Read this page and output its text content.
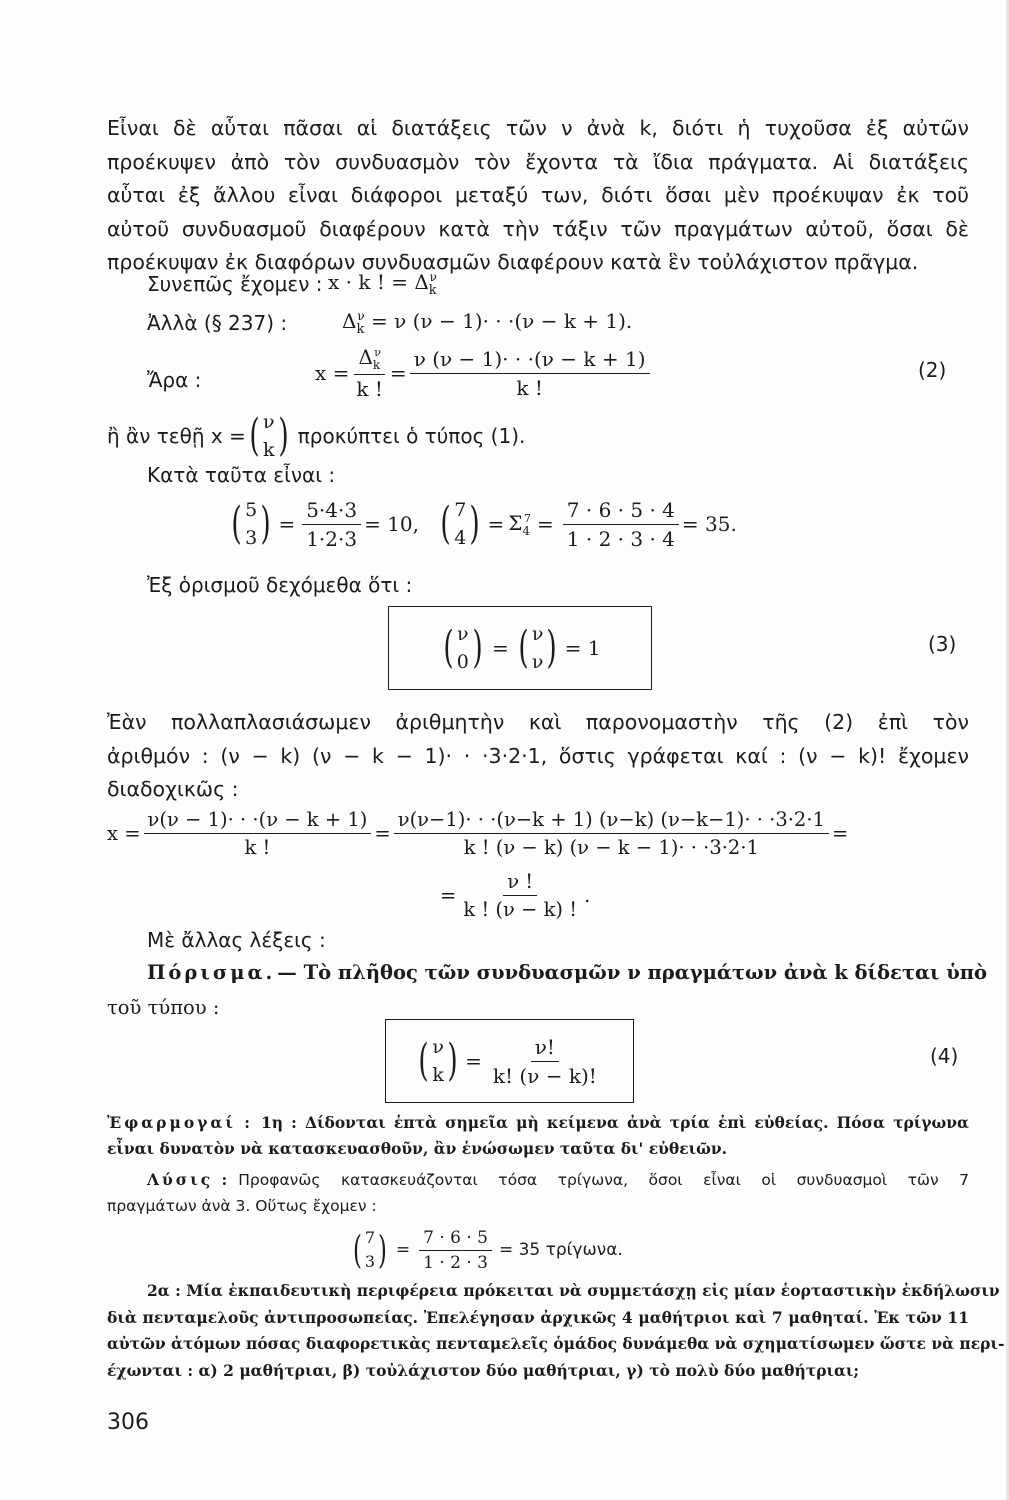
Εἶναι δὲ αὗται πᾶσαι αἱ διατάξεις τῶν ν ἀνὰ k, διότι ἡ τυχοῦσα ἐξ αὐτῶν
προέκυψεν ἀπὸ τὸν συνδυασμὸν τὸν ἔχοντα τὰ ἴδια πράγματα. Αἱ διατάξεις
αὗται ἐξ ἄλλου εἶναι διάφοροι μεταξύ των, διότι ὅσαι μὲν προέκυψαν ἐκ τοῦ
αὐτοῦ συνδυασμοῦ διαφέρουν κατὰ τὴν τάξιν τῶν πραγμάτων αὐτοῦ, ὅσαι δὲ
προέκυψαν ἐκ διαφόρων συνδυασμῶν διαφέρουν κατὰ ἓν τοὐλάχιστον πρᾶγμα.
Συνεπῶς ἔχομεν : x · k ! = $\Delta_k^\nu$
Ἀλλὰ (§ 237) :	$\Delta_k^\nu = \nu$ (ν − 1)· · ·(ν − k + 1).
Ἄρα :	$x = \frac{\Delta_k^\nu}{k !} = \frac{\nu (\nu - 1)\cdot \cdot \cdot(\nu - k + 1)}{k !}$	(2)
ἢ ἂν τεθῇ x = ( ν
k ) προκύπτει ὁ τύπος (1).
Κατὰ ταῦτα εἶναι :
( 5
3 ) = $\frac{5\cdot 4\cdot 3}{1\cdot 2\cdot 3} = 10$, ( 7
4 ) = $\Sigma_4^7 = \frac{7 \cdot 6 \cdot 5 \cdot 4}{1 \cdot 2 \cdot 3 \cdot 4} = 35$.
Ἐξ ὁρισμοῦ δεχόμεθα ὅτι :
( ν
0 ) = ( ν
ν ) = 1	(3)
Ἐὰν πολλαπλασιάσωμεν ἀριθμητὴν καὶ παρονομαστὴν τῆς (2) ἐπὶ τὸν
ἀριθμόν : (ν − k) (ν − k − 1)· · ·3·2·1, ὅστις γράφεται καί : (ν − k)! ἔχομεν
διαδοχικῶς :
$x = \frac{\nu(\nu - 1)\cdot \cdot \cdot(\nu - k + 1)}{k !} = \frac{\nu(\nu-1)\cdot \cdot \cdot(\nu-k + 1) (\nu-k) (\nu-k-1)\cdot \cdot \cdot 3\cdot 2\cdot 1}{k ! (\nu - k) (\nu - k - 1)\cdot \cdot \cdot 3\cdot 2\cdot 1}$ =
= $\frac{\nu !}{k ! (\nu - k) !}$ .
Μὲ ἄλλας λέξεις :
Πόρισμα. — Τὸ πλῆθος τῶν συνδυασμῶν ν πραγμάτων ἀνὰ k δίδεται ὑπὸ
τοῦ τύπου :
( ν
k ) = $\frac{\nu!}{k! (\nu - k)!}$	(4)
Ἐφαρμογαί : 1η : Δίδονται ἑπτὰ σημεῖα μὴ κείμενα ἀνὰ τρία ἐπὶ εὐθείας. Πόσα τρίγωνα
εἶναι δυνατὸν νὰ κατασκευασθοῦν, ἂν ἑνώσωμεν ταῦτα δι' εὐθειῶν.
Λύσις : Προφανῶς κατασκευάζονται τόσα τρίγωνα, ὅσοι εἶναι οἱ συνδυασμοὶ τῶν 7
πραγμάτων ἀνὰ 3. Οὕτως ἔχομεν :
( 7
3 ) = $\frac{7 \cdot 6 \cdot 5}{1 \cdot 2 \cdot 3} = 35$ τρίγωνα.
2α : Μία ἐκπαιδευτικὴ περιφέρεια πρόκειται νὰ συμμετάσχῃ εἰς μίαν ἑορταστικὴν ἐκδήλωσιν
διὰ πενταμελοῦς ἀντιπροσωπείας. Ἐπελέγησαν ἀρχικῶς 4 μαθήτριοι καὶ 7 μαθηταί. Ἐκ τῶν 11
αὐτῶν ἀτόμων πόσας διαφορετικὰς πενταμελεῖς ὁμάδος δυνάμεθα νὰ σχηματίσωμεν ὥστε νὰ περι-
έχωνται : α) 2 μαθήτριαι, β) τοὐλάχιστον δύο μαθήτριαι, γ) τὸ πολὺ δύο μαθήτριαι;
306
